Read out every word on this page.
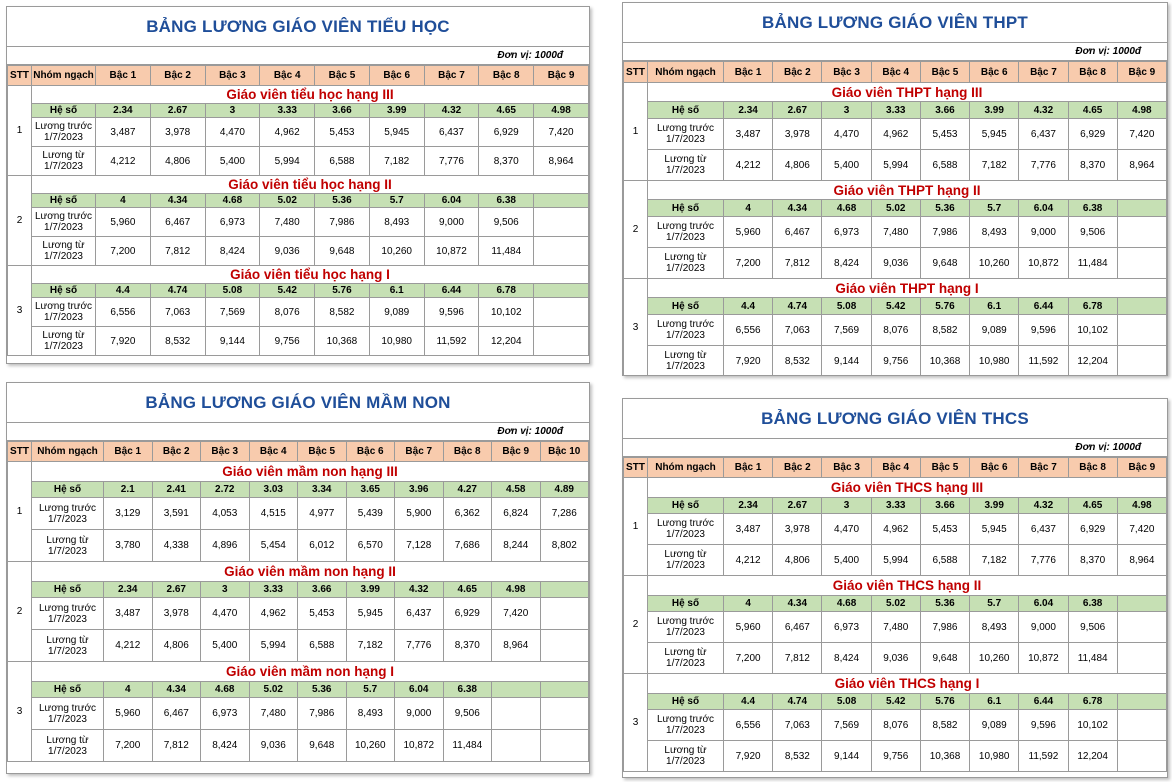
BẢNG LƯƠNG GIÁO VIÊN TIỂU HỌC
Đơn vị: 1000đ
STT	Nhóm ngạch	Bậc 1	Bậc 2	Bậc 3	Bậc 4	Bậc 5	Bậc 6	Bậc 7	Bậc 8	Bậc 9
1	Giáo viên tiểu học hạng III									
	Hệ số	2.34	2.67	3	3.33	3.66	3.99	4.32	4.65	4.98
	Lương trước
1/7/2023	3,487	3,978	4,470	4,962	5,453	5,945	6,437	6,929	7,420
	Lương từ
1/7/2023	4,212	4,806	5,400	5,994	6,588	7,182	7,776	8,370	8,964
2	Giáo viên tiểu học hạng II									
	Hệ số	4	4.34	4.68	5.02	5.36	5.7	6.04	6.38	
	Lương trước
1/7/2023	5,960	6,467	6,973	7,480	7,986	8,493	9,000	9,506	
	Lương từ
1/7/2023	7,200	7,812	8,424	9,036	9,648	10,260	10,872	11,484	
3	Giáo viên tiểu học hạng I									
	Hệ số	4.4	4.74	5.08	5.42	5.76	6.1	6.44	6.78	
	Lương trước
1/7/2023	6,556	7,063	7,569	8,076	8,582	9,089	9,596	10,102	
	Lương từ
1/7/2023	7,920	8,532	9,144	9,756	10,368	10,980	11,592	12,204	
BẢNG LƯƠNG GIÁO VIÊN THPT
Đơn vị: 1000đ
STT	Nhóm ngạch	Bậc 1	Bậc 2	Bậc 3	Bậc 4	Bậc 5	Bậc 6	Bậc 7	Bậc 8	Bậc 9
1	Giáo viên THPT hạng III									
	Hệ số	2.34	2.67	3	3.33	3.66	3.99	4.32	4.65	4.98
	Lương trước
1/7/2023	3,487	3,978	4,470	4,962	5,453	5,945	6,437	6,929	7,420
	Lương từ
1/7/2023	4,212	4,806	5,400	5,994	6,588	7,182	7,776	8,370	8,964
2	Giáo viên THPT hạng II									
	Hệ số	4	4.34	4.68	5.02	5.36	5.7	6.04	6.38	
	Lương trước
1/7/2023	5,960	6,467	6,973	7,480	7,986	8,493	9,000	9,506	
	Lương từ
1/7/2023	7,200	7,812	8,424	9,036	9,648	10,260	10,872	11,484	
3	Giáo viên THPT hạng I									
	Hệ số	4.4	4.74	5.08	5.42	5.76	6.1	6.44	6.78	
	Lương trước
1/7/2023	6,556	7,063	7,569	8,076	8,582	9,089	9,596	10,102	
	Lương từ
1/7/2023	7,920	8,532	9,144	9,756	10,368	10,980	11,592	12,204	
BẢNG LƯƠNG GIÁO VIÊN MẦM NON
Đơn vị: 1000đ
STT	Nhóm ngạch	Bậc 1	Bậc 2	Bậc 3	Bậc 4	Bậc 5	Bậc 6	Bậc 7	Bậc 8	Bậc 9	Bậc 10
1	Giáo viên mầm non hạng III										
	Hệ số	2.1	2.41	2.72	3.03	3.34	3.65	3.96	4.27	4.58	4.89
	Lương trước
1/7/2023	3,129	3,591	4,053	4,515	4,977	5,439	5,900	6,362	6,824	7,286
	Lương từ
1/7/2023	3,780	4,338	4,896	5,454	6,012	6,570	7,128	7,686	8,244	8,802
2	Giáo viên mầm non hạng II										
	Hệ số	2.34	2.67	3	3.33	3.66	3.99	4.32	4.65	4.98	
	Lương trước
1/7/2023	3,487	3,978	4,470	4,962	5,453	5,945	6,437	6,929	7,420	
	Lương từ
1/7/2023	4,212	4,806	5,400	5,994	6,588	7,182	7,776	8,370	8,964	
3	Giáo viên mầm non hạng I										
	Hệ số	4	4.34	4.68	5.02	5.36	5.7	6.04	6.38		
	Lương trước
1/7/2023	5,960	6,467	6,973	7,480	7,986	8,493	9,000	9,506		
	Lương từ
1/7/2023	7,200	7,812	8,424	9,036	9,648	10,260	10,872	11,484		
BẢNG LƯƠNG GIÁO VIÊN THCS
Đơn vị: 1000đ
STT	Nhóm ngạch	Bậc 1	Bậc 2	Bậc 3	Bậc 4	Bậc 5	Bậc 6	Bậc 7	Bậc 8	Bậc 9
1	Giáo viên THCS hạng III									
	Hệ số	2.34	2.67	3	3.33	3.66	3.99	4.32	4.65	4.98
	Lương trước
1/7/2023	3,487	3,978	4,470	4,962	5,453	5,945	6,437	6,929	7,420
	Lương từ
1/7/2023	4,212	4,806	5,400	5,994	6,588	7,182	7,776	8,370	8,964
2	Giáo viên THCS hạng II									
	Hệ số	4	4.34	4.68	5.02	5.36	5.7	6.04	6.38	
	Lương trước
1/7/2023	5,960	6,467	6,973	7,480	7,986	8,493	9,000	9,506	
	Lương từ
1/7/2023	7,200	7,812	8,424	9,036	9,648	10,260	10,872	11,484	
3	Giáo viên THCS hạng I									
	Hệ số	4.4	4.74	5.08	5.42	5.76	6.1	6.44	6.78	
	Lương trước
1/7/2023	6,556	7,063	7,569	8,076	8,582	9,089	9,596	10,102	
	Lương từ
1/7/2023	7,920	8,532	9,144	9,756	10,368	10,980	11,592	12,204	
